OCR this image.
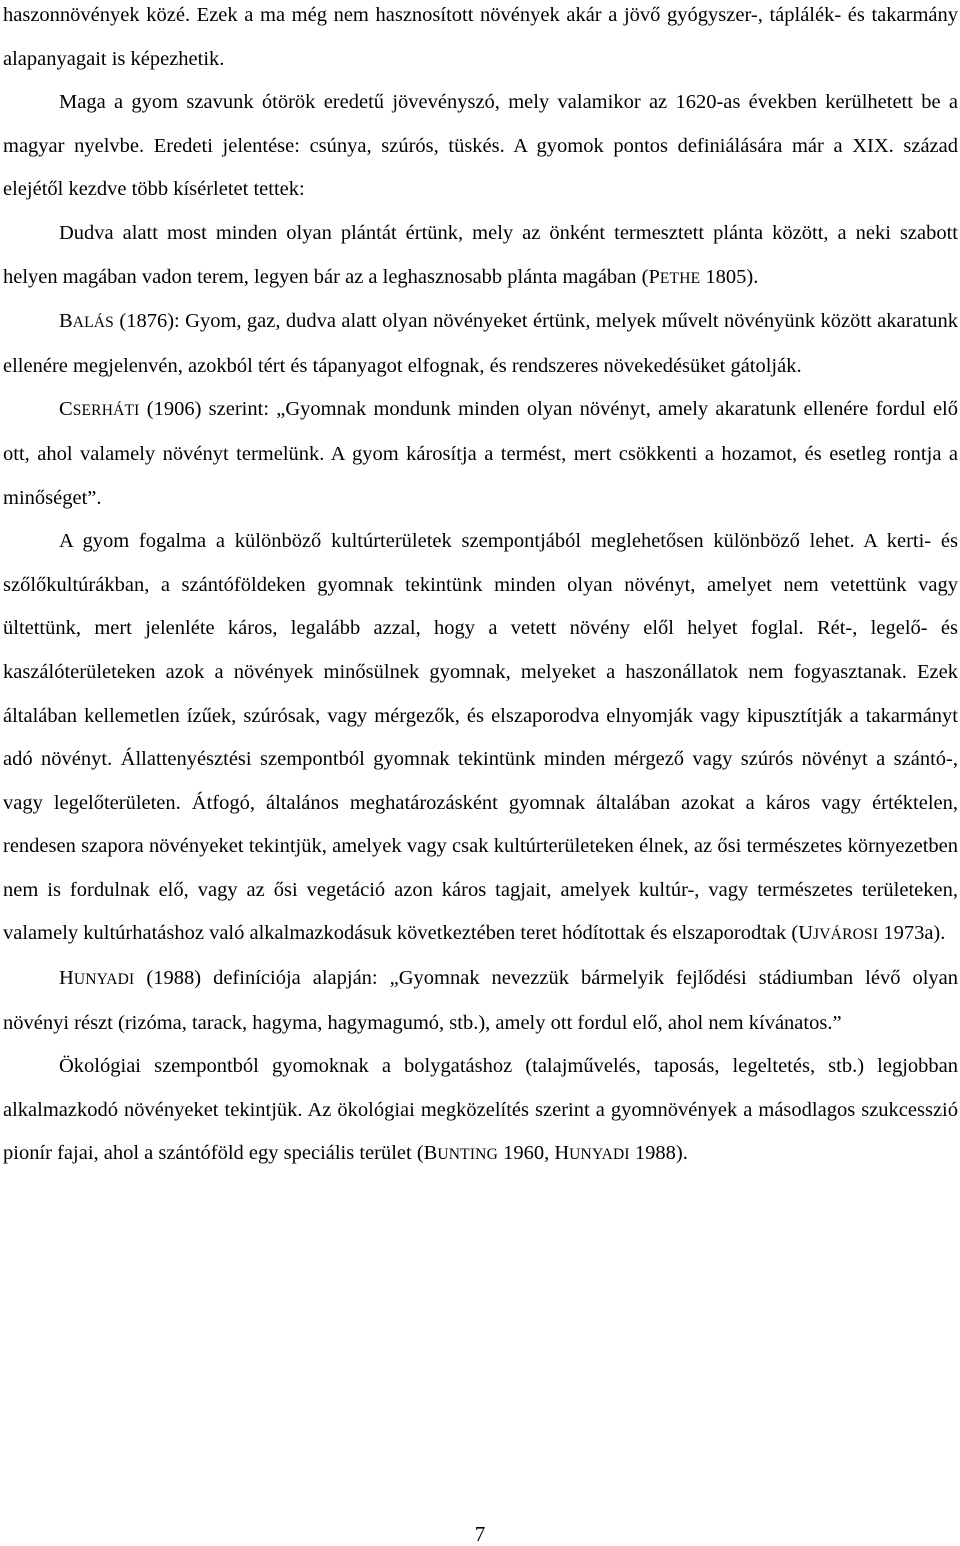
haszonnövények közé. Ezek a ma még nem hasznosított növények akár a jövő gyógyszer-, táplálék- és takarmány alapanyagait is képezhetik.

Maga a gyom szavunk ótörök eredetű jövevényszó, mely valamikor az 1620-as években kerülhetett be a magyar nyelvbe. Eredeti jelentése: csúnya, szúrós, tüskés. A gyomok pontos definiálására már a XIX. század elejétől kezdve több kísérletet tettek:

Dudva alatt most minden olyan plántát értünk, mely az önként termesztett plánta között, a neki szabott helyen magában vadon terem, legyen bár az a leghasznosabb plánta magában (PETHE 1805).

BALÁS (1876): Gyom, gaz, dudva alatt olyan növényeket értünk, melyek művelt növényünk között akaratunk ellenére megjelenvén, azokból tért és tápanyagot elfognak, és rendszeres növekedésüket gátolják.

CSERHÁTI (1906) szerint: „Gyomnak mondunk minden olyan növényt, amely akaratunk ellenére fordul elő ott, ahol valamely növényt termelünk. A gyom károsítja a termést, mert csökkenti a hozamot, és esetleg rontja a minőséget”.

A gyom fogalma a különböző kultúrterületek szempontjából meglehetősen különböző lehet. A kerti- és szőlőkultúrákban, a szántóföldeken gyomnak tekintünk minden olyan növényt, amelyet nem vetettünk vagy ültettünk, mert jelenléte káros, legalább azzal, hogy a vetett növény elől helyet foglal. Rét-, legelő- és kaszálóterületeken azok a növények minősülnek gyomnak, melyeket a haszonállatok nem fogyasztanak. Ezek általában kellemetlen ízűek, szúrósak, vagy mérgezők, és elszaporodva elnyomják vagy kipusztítják a takarmányt adó növényt. Állattenyésztési szempontból gyomnak tekintünk minden mérgező vagy szúrós növényt a szántó-, vagy legelőterületen. Átfogó, általános meghatározásként gyomnak általában azokat a káros vagy értéktelen, rendesen szapora növényeket tekintjük, amelyek vagy csak kultúrterületeken élnek, az ősi természetes környezetben nem is fordulnak elő, vagy az ősi vegetáció azon káros tagjait, amelyek kultúr-, vagy természetes területeken, valamely kultúrhatáshoz való alkalmazkodásuk következtében teret hódítottak és elszaporodtak (UJVÁROSI 1973a).

HUNYADI (1988) definíciója alapján: „Gyomnak nevezzük bármelyik fejlődési stádiumban lévő olyan növényi részt (rizóma, tarack, hagyma, hagymagumó, stb.), amely ott fordul elő, ahol nem kívánatos.”

Ökológiai szempontból gyomoknak a bolygatáshoz (talajművelés, taposás, legeltetés, stb.) legjobban alkalmazkodó növényeket tekintjük. Az ökológiai megközelítés szerint a gyomnövények a másodlagos szukcesszió pionír fajai, ahol a szántóföld egy speciális terület (BUNTING 1960, HUNYADI 1988).

7
